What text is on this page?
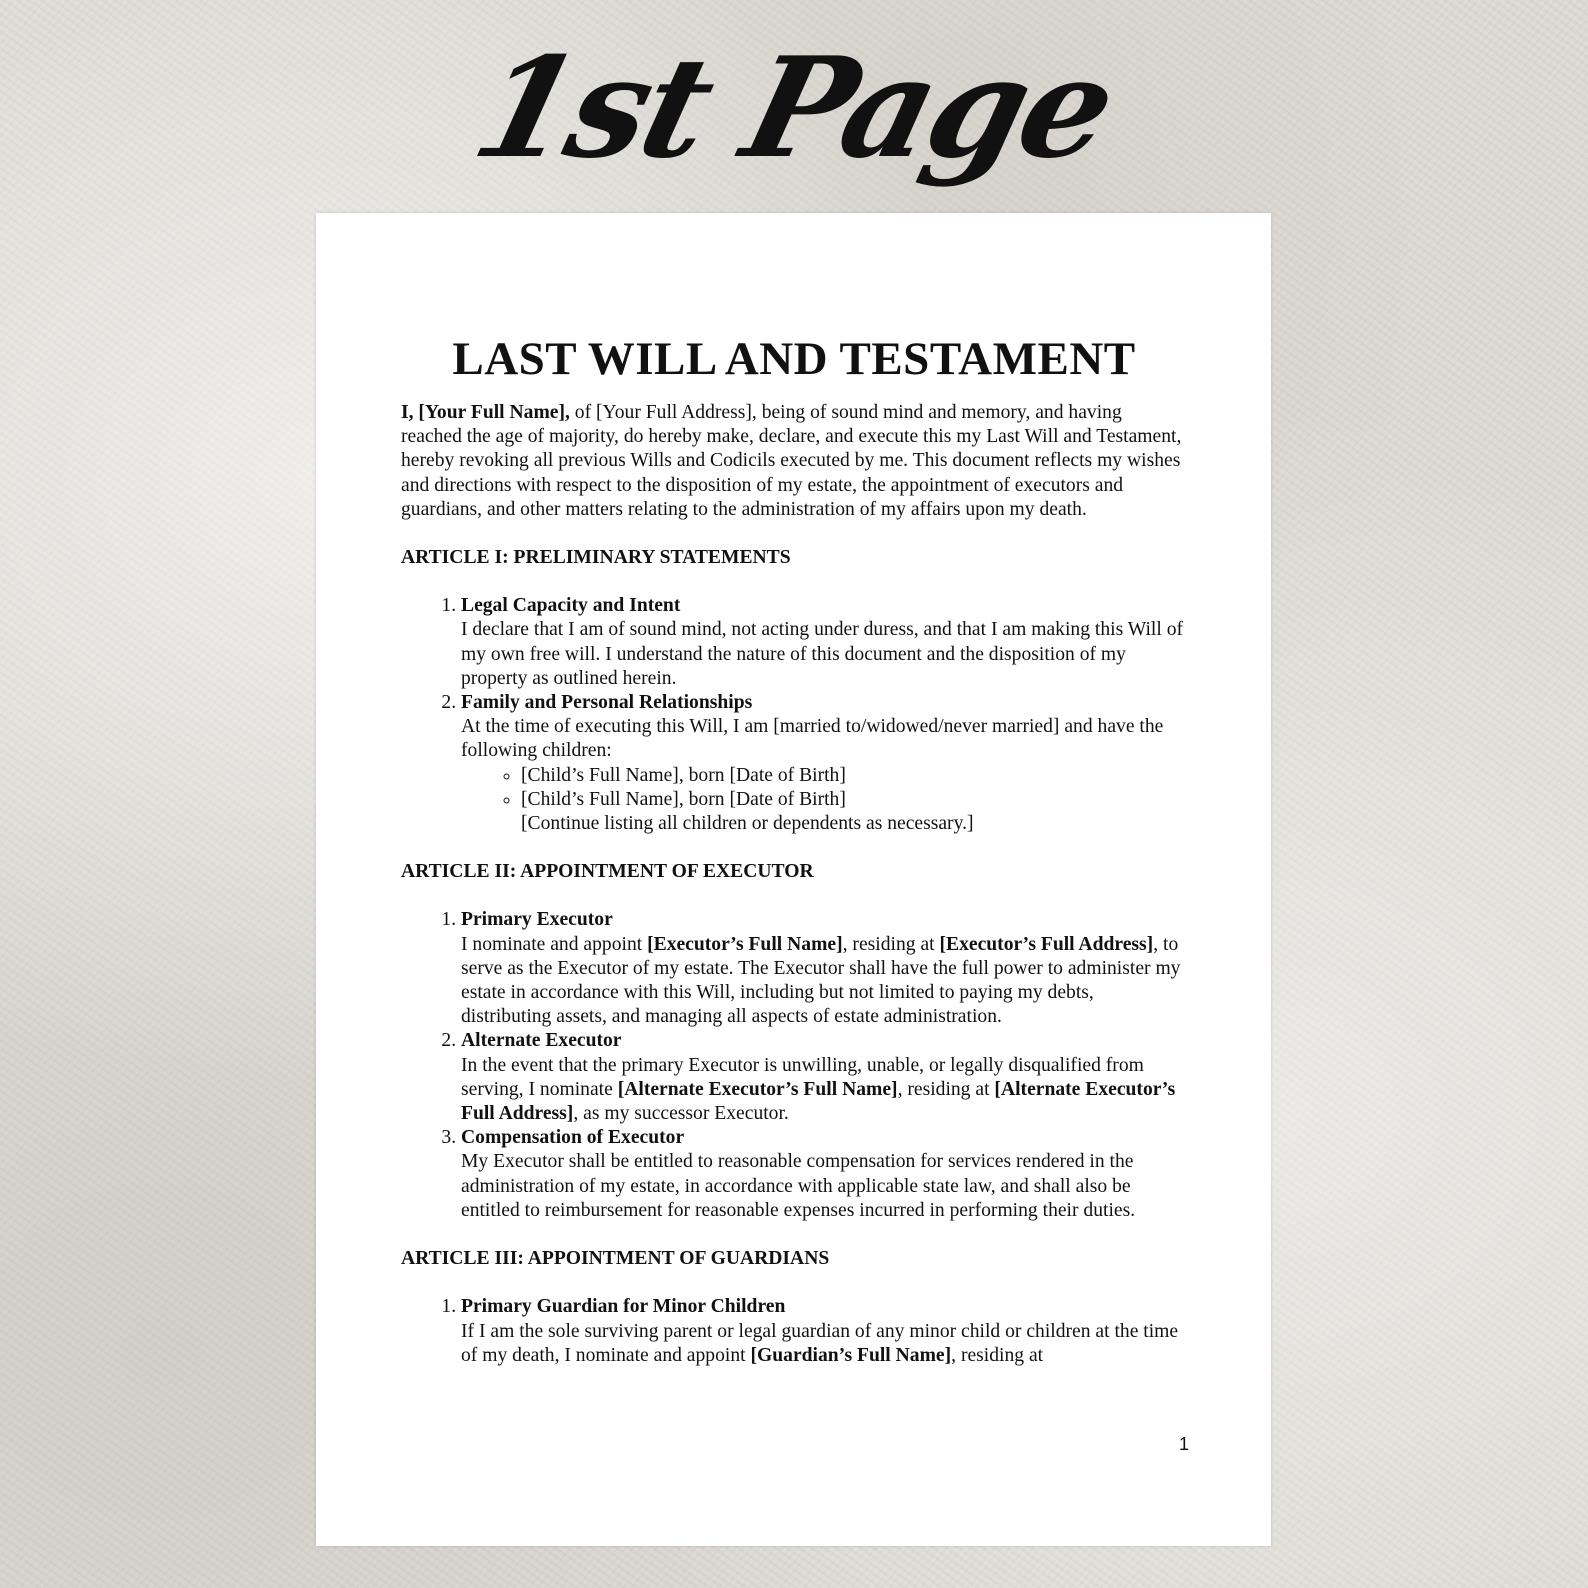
1st Page
LAST WILL AND TESTAMENT

I, [Your Full Name], of [Your Full Address], being of sound mind and memory, and having reached the age of majority, do hereby make, declare, and execute this my Last Will and Testament, hereby revoking all previous Wills and Codicils executed by me. This document reflects my wishes and directions with respect to the disposition of my estate, the appointment of executors and guardians, and other matters relating to the administration of my affairs upon my death.

ARTICLE I: PRELIMINARY STATEMENTS
1. Legal Capacity and Intent
I declare that I am of sound mind, not acting under duress, and that I am making this Will of my own free will. I understand the nature of this document and the disposition of my property as outlined herein.
2. Family and Personal Relationships
At the time of executing this Will, I am [married to/widowed/never married] and have the following children:
◦ [Child’s Full Name], born [Date of Birth]
◦ [Child’s Full Name], born [Date of Birth]
[Continue listing all children or dependents as necessary.]
ARTICLE II: APPOINTMENT OF EXECUTOR
1. Primary Executor
I nominate and appoint [Executor’s Full Name], residing at [Executor’s Full Address], to serve as the Executor of my estate. The Executor shall have the full power to administer my estate in accordance with this Will, including but not limited to paying my debts, distributing assets, and managing all aspects of estate administration.
2. Alternate Executor
In the event that the primary Executor is unwilling, unable, or legally disqualified from serving, I nominate [Alternate Executor’s Full Name], residing at [Alternate Executor’s Full Address], as my successor Executor.
3. Compensation of Executor
My Executor shall be entitled to reasonable compensation for services rendered in the administration of my estate, in accordance with applicable state law, and shall also be entitled to reimbursement for reasonable expenses incurred in performing their duties.
ARTICLE III: APPOINTMENT OF GUARDIANS
1. Primary Guardian for Minor Children
If I am the sole surviving parent or legal guardian of any minor child or children at the time of my death, I nominate and appoint [Guardian’s Full Name], residing at
1
